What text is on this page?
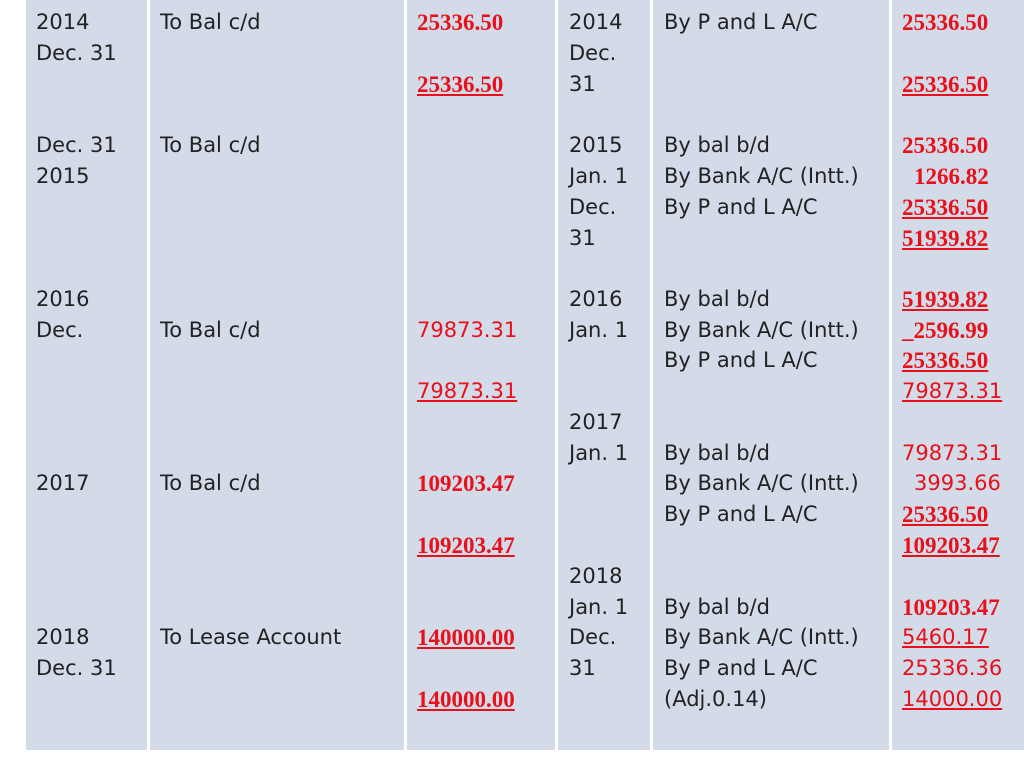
2014
Dec. 31
Dec. 31
2015
2016
Dec.
2017
2018
Dec. 31
To Bal c/d
To Bal c/d
To Bal c/d
To Bal c/d
To Lease Account
25336.50
25336.50
79873.31
79873.31
109203.47
109203.47
140000.00
140000.00
2014
Dec.
31
2015
Jan. 1
Dec.
31
2016
Jan. 1
2017
Jan. 1
2018
Jan. 1
Dec.
31
By P and L A/C
By bal b/d
By Bank A/C (Intt.)
By P and L A/C
By bal b/d
By Bank A/C (Intt.)
By P and L A/C
By bal b/d
By Bank A/C (Intt.)
By P and L A/C
By bal b/d
By Bank A/C (Intt.)
By P and L A/C
(Adj.0.14)
25336.50
25336.50
25336.50
1266.82
25336.50
51939.82
51939.82
_2596.99
25336.50
79873.31
79873.31
3993.66
25336.50
109203.47
109203.47
5460.17
25336.36
14000.00
